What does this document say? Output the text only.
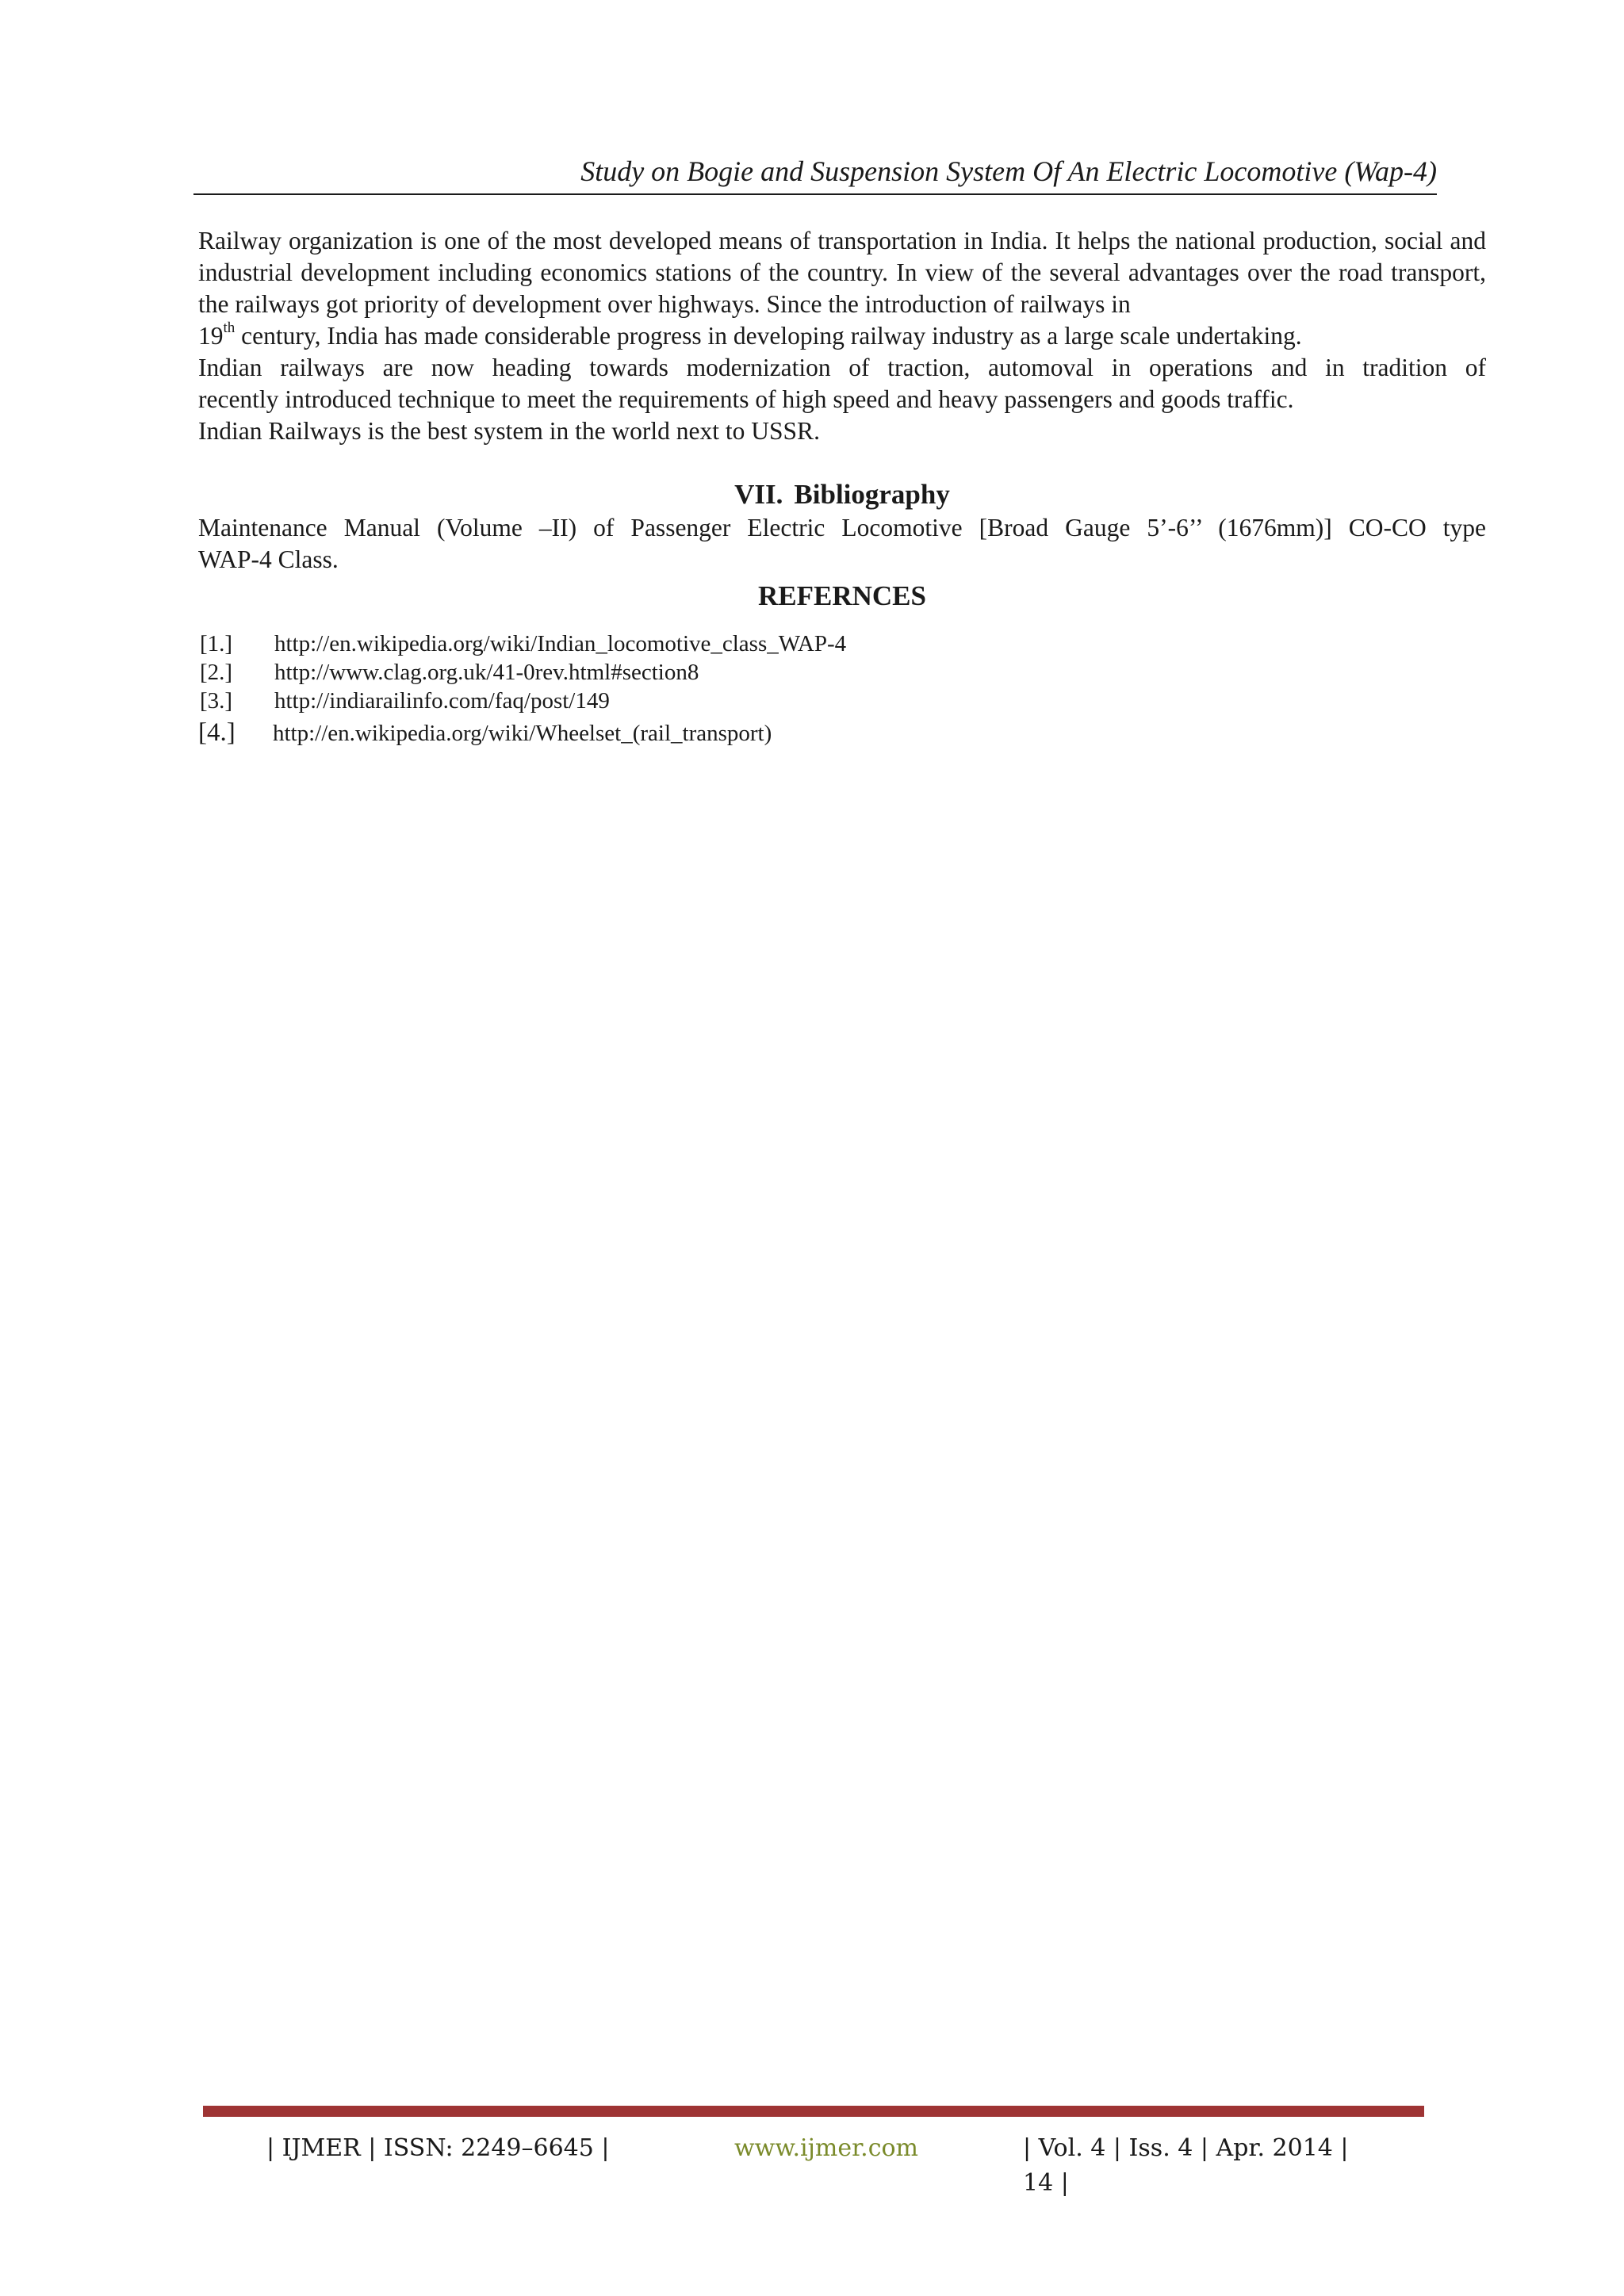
Study on Bogie and Suspension System Of An Electric Locomotive (Wap-4)

Railway organization is one of the most developed means of transportation in India. It helps the national production, social and industrial development including economics stations of the country. In view of the several advantages over the road transport, the railways got priority of development over highways. Since the introduction of railways in
19th century, India has made considerable progress in developing railway industry as a large scale undertaking.

Indian railways are now heading towards modernization of traction, automoval in operations and in tradition of
recently introduced technique to meet the requirements of high speed and heavy passengers and goods traffic.

Indian Railways is the best system in the world next to USSR.

VII. Bibliography

Maintenance Manual (Volume –II) of Passenger Electric Locomotive [Broad Gauge 5’-6’’ (1676mm)] CO-CO type
WAP-4 Class.

REFERNCES
[1.]	http://en.wikipedia.org/wiki/Indian_locomotive_class_WAP-4
[2.]	http://www.clag.org.uk/41-0rev.html#section8
[3.]	http://indiarailinfo.com/faq/post/149
[4.]	http://en.wikipedia.org/wiki/Wheelset_(rail_transport)
| IJMER | ISSN: 2249–6645 |	www.ijmer.com	| Vol. 4 | Iss. 4 | Apr. 2014 | 14 |
